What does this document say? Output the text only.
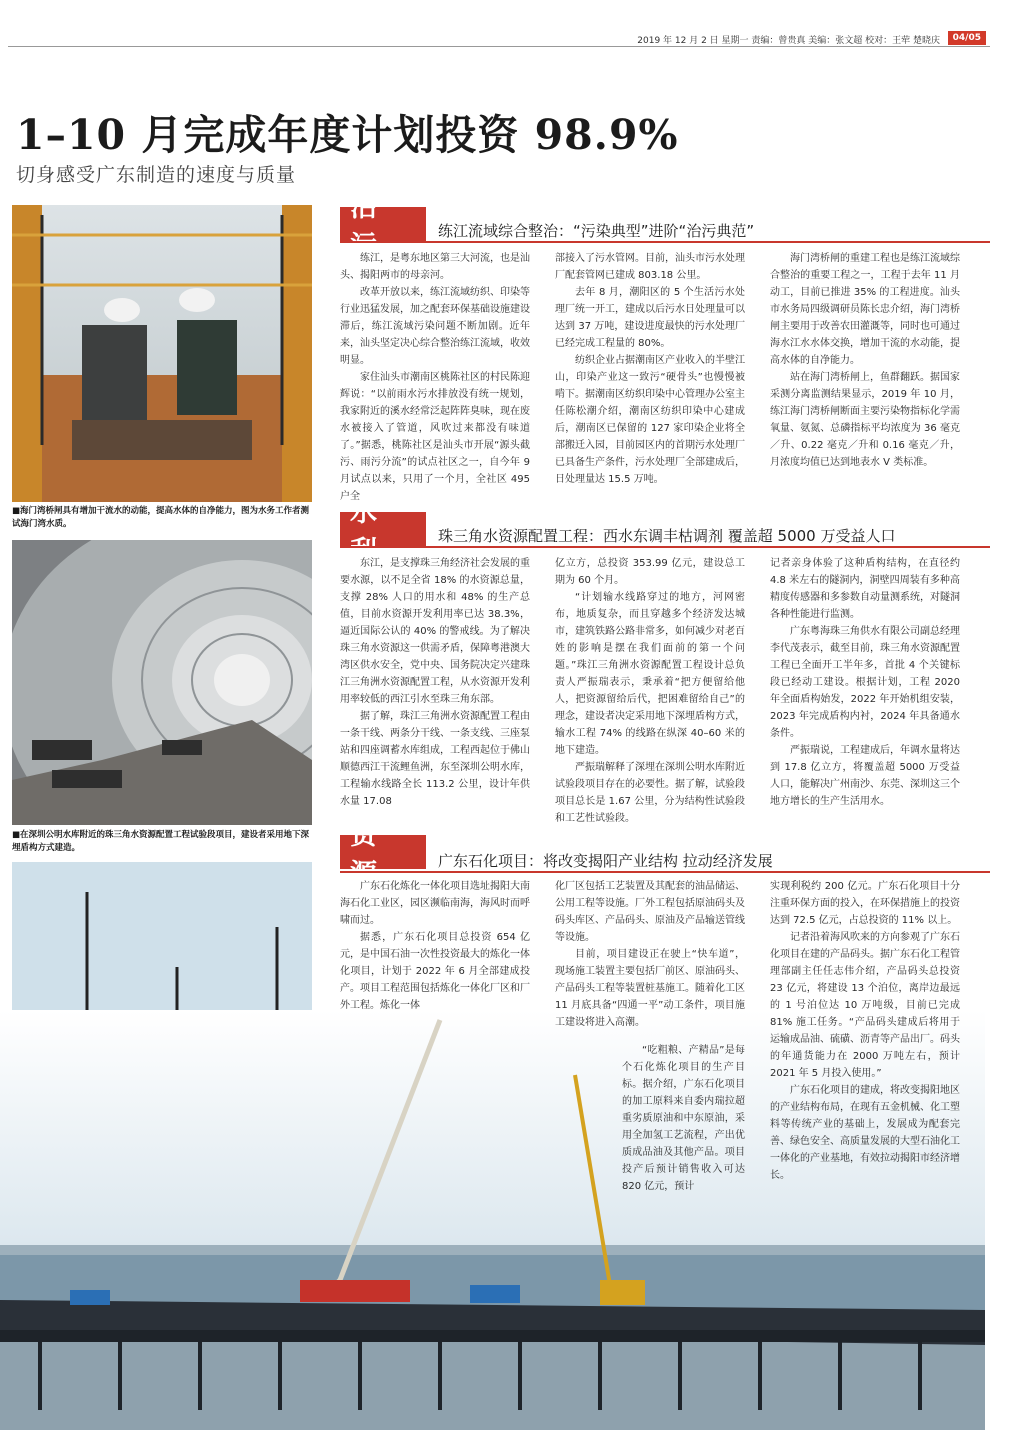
2019 年 12 月 2 日 星期一 责编：曾贵真 美编：张文超 校对：王荦 楚晓庆	04/05
1–10 月完成年度计划投资 98.9%
切身感受广东制造的速度与质量
■海门湾桥闸具有增加干流水的动能，提高水体的自净能力，图为水务工作者测试海门湾水质。
■在深圳公明水库附近的珠三角水资源配置工程试验段项目，建设者采用地下深埋盾构方式建造。
治 污	练江流域综合整治：“污染典型”进阶“治污典范”

练江，是粤东地区第三大河流，也是汕头、揭阳两市的母亲河。

改革开放以来，练江流域纺织、印染等行业迅猛发展，加之配套环保基础设施建设滞后，练江流域污染问题不断加剧。近年来，汕头坚定决心综合整治练江流域，收效明显。

家住汕头市潮南区桃陈社区的村民陈迎辉说：“以前雨水污水排放没有统一规划，我家附近的溪水经常泛起阵阵臭味，现在废水被接入了管道，风吹过来都没有味道了。”据悉，桃陈社区是汕头市开展“源头截污、雨污分流”的试点社区之一，自今年 9 月试点以来，只用了一个月，全社区 495 户全

部接入了污水管网。目前，汕头市污水处理厂配套管网已建成 803.18 公里。

去年 8 月，潮阳区的 5 个生活污水处理厂统一开工，建成以后污水日处理量可以达到 37 万吨，建设进度最快的污水处理厂已经完成工程量的 80%。

纺织企业占据潮南区产业收入的半壁江山，印染产业这一致污“硬骨头”也慢慢被啃下。据潮南区纺织印染中心管理办公室主任陈松潮介绍，潮南区纺织印染中心建成后，潮南区已保留的 127 家印染企业将全部搬迁入园，目前园区内的首期污水处理厂已具备生产条件，污水处理厂全部建成后，日处理量达 15.5 万吨。

海门湾桥闸的重建工程也是练江流域综合整治的重要工程之一，工程于去年 11 月动工，目前已推进 35% 的工程进度。汕头市水务局四级调研员陈长忠介绍，海门湾桥闸主要用于改善农田灌溉等，同时也可通过海水江水水体交换，增加干流的水动能，提高水体的自净能力。

站在海门湾桥闸上，鱼群翻跃。据国家采测分离监测结果显示，2019 年 10 月，练江海门湾桥闸断面主要污染物指标化学需氧量、氨氮、总磷指标平均浓度为 36 毫克／升、0.22 毫克／升和 0.16 毫克／升，月浓度均值已达到地表水 V 类标准。

水 利	珠三角水资源配置工程：西水东调丰枯调剂 覆盖超 5000 万受益人口

东江，是支撑珠三角经济社会发展的重要水源，以不足全省 18% 的水资源总量，支撑 28% 人口的用水和 48% 的生产总值，目前水资源开发利用率已达 38.3%，逼近国际公认的 40% 的警戒线。为了解决珠三角水资源这一供需矛盾，保障粤港澳大湾区供水安全，党中央、国务院决定兴建珠江三角洲水资源配置工程，从水资源开发利用率较低的西江引水至珠三角东部。

据了解，珠江三角洲水资源配置工程由一条干线、两条分干线、一条支线、三座泵站和四座调蓄水库组成，工程西起位于佛山顺德西江干流鲤鱼洲，东至深圳公明水库，工程输水线路全长 113.2 公里，设计年供水量 17.08

亿立方，总投资 353.99 亿元，建设总工期为 60 个月。

“计划输水线路穿过的地方，河网密布，地质复杂，而且穿越多个经济发达城市，建筑铁路公路非常多，如何减少对老百姓的影响是摆在我们面前的第一个问题。”珠江三角洲水资源配置工程设计总负责人严振瑞表示，秉承着“把方便留给他人，把资源留给后代，把困难留给自己”的理念，建设者决定采用地下深埋盾构方式，输水工程 74% 的线路在纵深 40–60 米的地下建造。

严振瑞解释了深埋在深圳公明水库附近试验段项目存在的必要性。据了解，试验段项目总长是 1.67 公里，分为结构性试验段和工艺性试验段。

记者亲身体验了这种盾构结构，在直径约 4.8 米左右的隧洞内，洞壁四周装有多种高精度传感器和多参数自动量测系统，对隧洞各种性能进行监测。

广东粤海珠三角供水有限公司副总经理李代茂表示，截至目前，珠三角水资源配置工程已全面开工半年多，首批 4 个关键标段已经动工建设。根据计划，工程 2020 年全面盾构始发，2022 年开始机组安装，2023 年完成盾构内衬，2024 年具备通水条件。

严振瑞说，工程建成后，年调水量将达到 17.8 亿立方，将覆盖超 5000 万受益人口，能解决广州南沙、东莞、深圳这三个地方增长的生产生活用水。

资 源	广东石化项目：将改变揭阳产业结构 拉动经济发展

广东石化炼化一体化项目选址揭阳大南海石化工业区，园区濒临南海，海风时而呼啸而过。

据悉，广东石化项目总投资 654 亿元，是中国石油一次性投资最大的炼化一体化项目，计划于 2022 年 6 月全部建成投产。项目工程范围包括炼化一体化厂区和厂外工程。炼化一体

化厂区包括工艺装置及其配套的油品储运、公用工程等设施。厂外工程包括原油码头及码头库区、产品码头、原油及产品输送管线等设施。

目前，项目建设正在驶上“快车道”，现场施工装置主要包括厂前区、原油码头、产品码头工程等装置桩基施工。随着化工区 11 月底具备“四通一平”动工条件，项目施工建设将进入高潮。

“吃粗粮、产精品”是每个石化炼化项目的生产目标。据介绍，广东石化项目的加工原料来自委内瑞拉超重劣质原油和中东原油，采用全加氢工艺流程，产出优质成品油及其他产品。项目投产后预计销售收入可达 820 亿元，预计

实现利税约 200 亿元。广东石化项目十分注重环保方面的投入，在环保措施上的投资达到 72.5 亿元，占总投资的 11% 以上。

记者沿着海风吹来的方向参观了广东石化项目在建的产品码头。据广东石化工程管理部副主任任志伟介绍，产品码头总投资 23 亿元，将建设 13 个泊位，离岸边最远的 1 号泊位达 10 万吨级，目前已完成 81% 施工任务。“产品码头建成后将用于运输成品油、硫磺、沥青等产品出厂。码头的年通货能力在 2000 万吨左右，预计 2021 年 5 月投入使用。”

广东石化项目的建成，将改变揭阳地区的产业结构布局，在现有五金机械、化工塑料等传统产业的基础上，发展成为配套完善、绿色安全、高质量发展的大型石油化工一体化的产业基地，有效拉动揭阳市经济增长。
